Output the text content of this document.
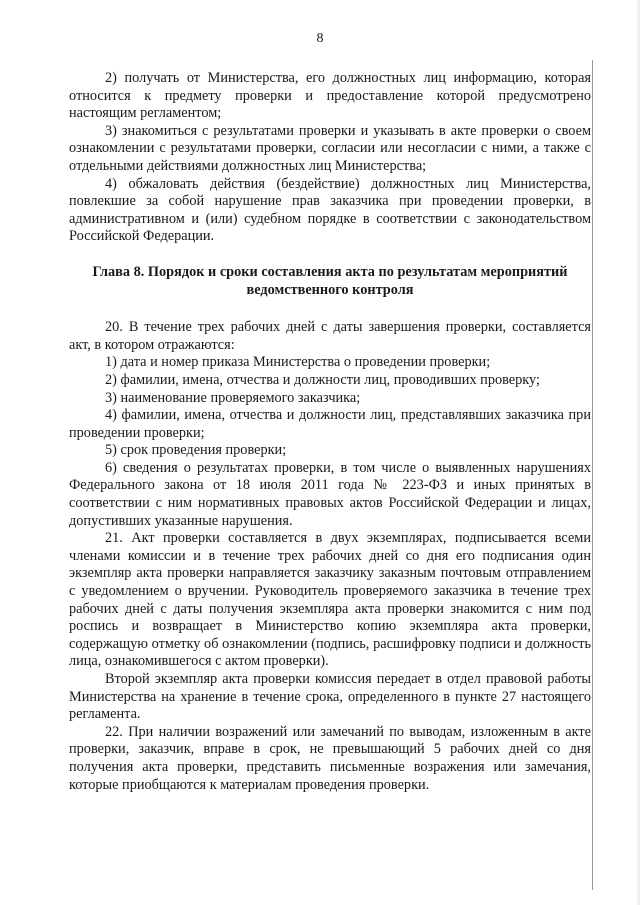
8

2) получать от Министерства, его должностных лиц информацию, которая относится к предмету проверки и предоставление которой предусмотрено настоящим регламентом;

3) знакомиться с результатами проверки и указывать в акте проверки о своем ознакомлении с результатами проверки, согласии или несогласии с ними, а также с отдельными действиями должностных лиц Министерства;

4) обжаловать действия (бездействие) должностных лиц Министерства, повлекшие за собой нарушение прав заказчика при проведении проверки, в административном и (или) судебном порядке в соответствии с законодательством Российской Федерации.

Глава 8. Порядок и сроки составления акта по результатам мероприятий ведомственного контроля

20. В течение трех рабочих дней с даты завершения проверки, составляется акт, в котором отражаются:

1) дата и номер приказа Министерства о проведении проверки;

2) фамилии, имена, отчества и должности лиц, проводивших проверку;

3) наименование проверяемого заказчика;

4) фамилии, имена, отчества и должности лиц, представлявших заказчика при проведении проверки;

5) срок проведения проверки;

6) сведения о результатах проверки, в том числе о выявленных нарушениях Федерального закона от 18 июля 2011 года № 223-ФЗ и иных принятых в соответствии с ним нормативных правовых актов Российской Федерации и лицах, допустивших указанные нарушения.

21. Акт проверки составляется в двух экземплярах, подписывается всеми членами комиссии и в течение трех рабочих дней со дня его подписания один экземпляр акта проверки направляется заказчику заказным почтовым отправлением с уведомлением о вручении. Руководитель проверяемого заказчика в течение трех рабочих дней с даты получения экземпляра акта проверки знакомится с ним под роспись и возвращает в Министерство копию экземпляра акта проверки, содержащую отметку об ознакомлении (подпись, расшифровку подписи и должность лица, ознакомившегося с актом проверки).

Второй экземпляр акта проверки комиссия передает в отдел правовой работы Министерства на хранение в течение срока, определенного в пункте 27 настоящего регламента.

22. При наличии возражений или замечаний по выводам, изложенным в акте проверки, заказчик, вправе в срок, не превышающий 5 рабочих дней со дня получения акта проверки, представить письменные возражения или замечания, которые приобщаются к материалам проведения проверки.
